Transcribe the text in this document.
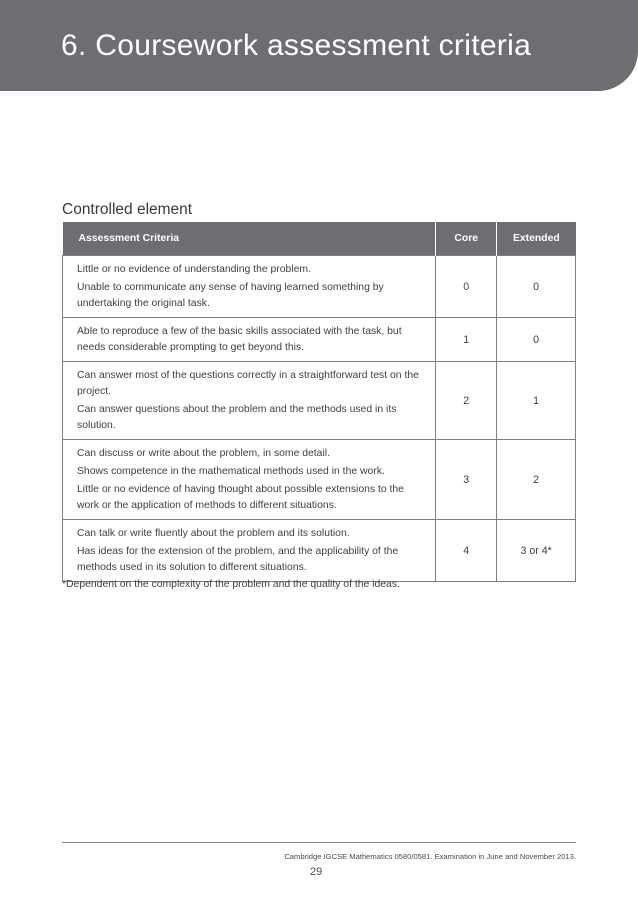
6. Coursework assessment criteria
Controlled element
Assessment Criteria	Core	Extended

Little or no evidence of understanding the problem.

Unable to communicate any sense of having learned something by undertaking the original task.	0	0

Able to reproduce a few of the basic skills associated with the task, but needs considerable prompting to get beyond this.	1	0

Can answer most of the questions correctly in a straightforward test on the project.

Can answer questions about the problem and the methods used in its solution.	2	1

Can discuss or write about the problem, in some detail.

Shows competence in the mathematical methods used in the work.

Little or no evidence of having thought about possible extensions to the work or the application of methods to different situations.	3	2

Can talk or write fluently about the problem and its solution.

Has ideas for the extension of the problem, and the applicability of the methods used in its solution to different situations.	4	3 or 4*
*Dependent on the complexity of the problem and the quality of the ideas.
Cambridge IGCSE Mathematics 0580/0581. Examination in June and November 2013.
29
